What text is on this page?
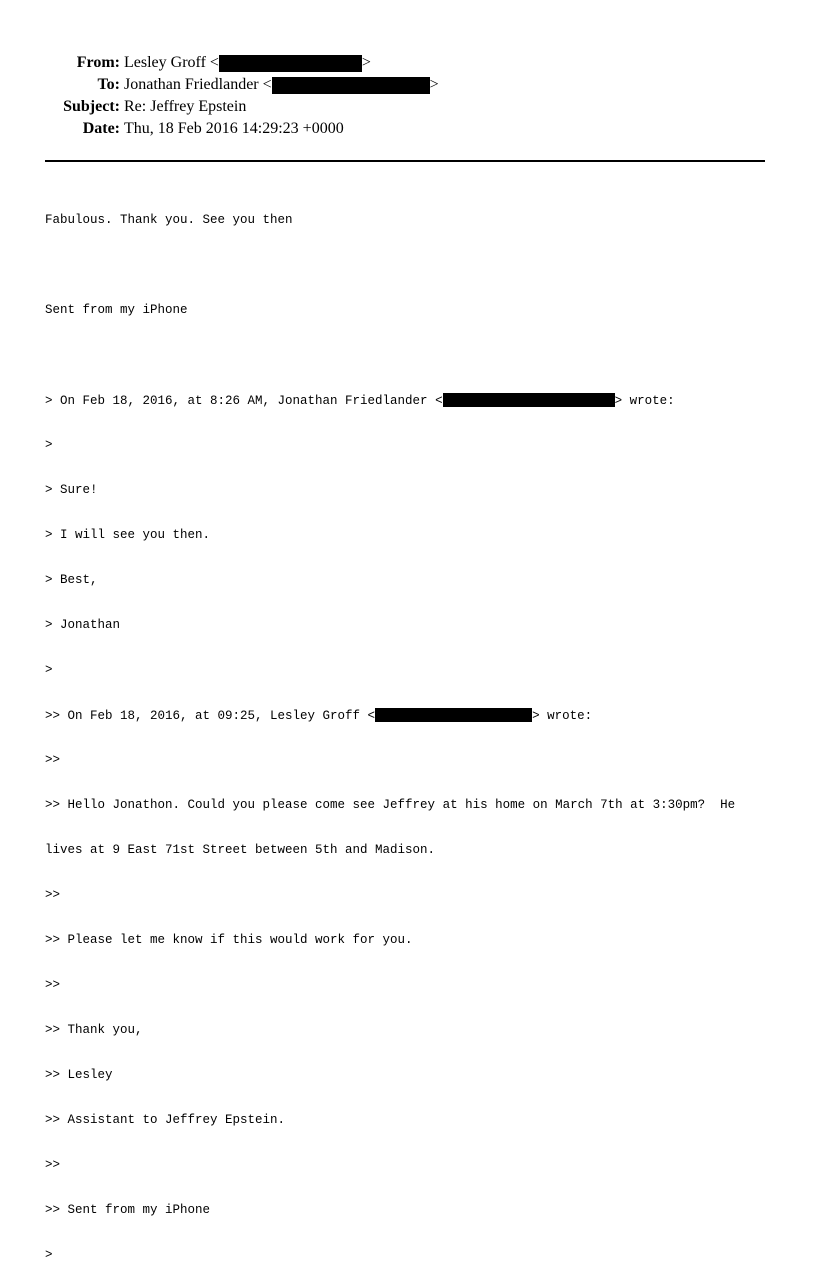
From: Lesley Groff <	>
To: Jonathan Friedlander <	>
Subject: Re: Jeffrey Epstein
Date: Thu, 18 Feb 2016 14:29:23 +0000

Fabulous. Thank you. See you then

Sent from my iPhone

> On Feb 18, 2016, at 8:26 AM, Jonathan Friedlander <	> wrote:

>

> Sure!

> I will see you then.

> Best,

> Jonathan

>

>> On Feb 18, 2016, at 09:25, Lesley Groff <	> wrote:

>>

>> Hello Jonathon. Could you please come see Jeffrey at his home on March 7th at 3:30pm?  He

lives at 9 East 71st Street between 5th and Madison.

>>

>> Please let me know if this would work for you.

>>

>> Thank you,

>> Lesley

>> Assistant to Jeffrey Epstein.

>>

>> Sent from my iPhone

>
